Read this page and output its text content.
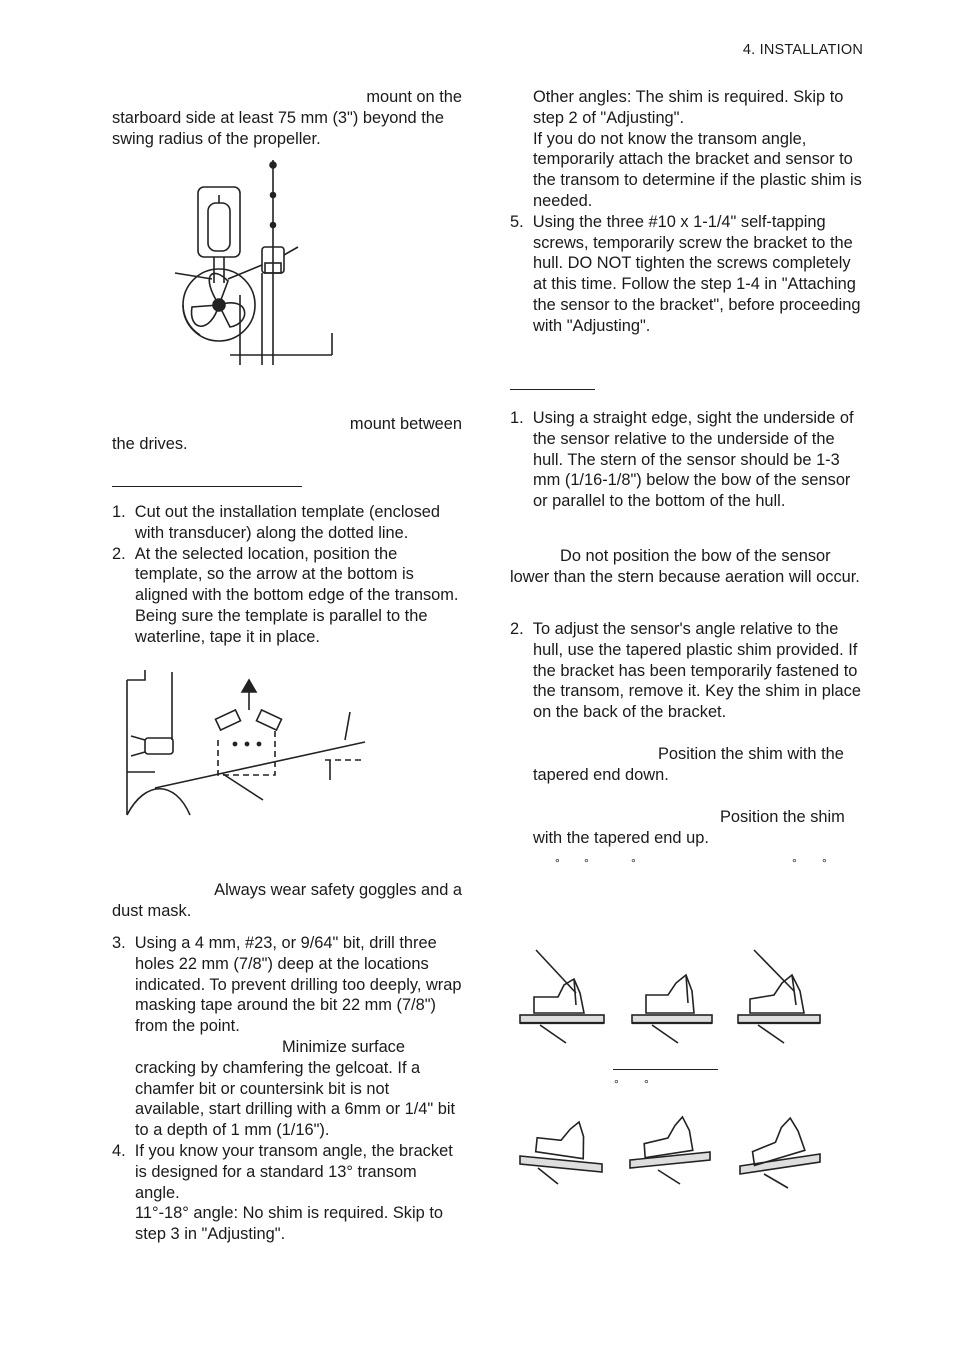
4. INSTALLATION
mount on the
starboard side at least 75 mm (3") beyond the swing radius of the propeller.
mount between
the drives.

1. Cut out the installation template (enclosed with transducer) along the dotted line.

2. At the selected location, position the template, so the arrow at the bottom is aligned with the bottom edge of the transom. Being sure the template is parallel to the waterline, tape it in place.

Always wear safety goggles and a
dust mask.

3. Using a 4 mm, #23, or 9/64" bit, drill three holes 22 mm (7/8") deep at the locations indicated. To prevent drilling too deeply, wrap masking tape around the bit 22 mm (7/8") from the point.

Minimize surface

cracking by chamfering the gelcoat. If a chamfer bit or countersink bit is not available, start drilling with a 6mm or 1/4" bit to a depth of 1 mm (1/16").

4. If you know your transom angle, the bracket is designed for a standard 13° transom angle.

11°-18° angle: No shim is required. Skip to step 3 in "Adjusting".

Other angles: The shim is required. Skip to step 2 of "Adjusting".

If you do not know the transom angle, temporarily attach the bracket and sensor to the transom to determine if the plastic shim is needed.

5. Using the three #10 x 1-1/4" self-tapping screws, temporarily screw the bracket to the hull. DO NOT tighten the screws completely at this time. Follow the step 1-4 in "Attaching the sensor to the bracket", before proceeding with "Adjusting".

1. Using a straight edge, sight the underside of the sensor relative to the underside of the hull. The stern of the sensor should be 1-3 mm (1/16-1/8") below the bow of the sensor or parallel to the bottom of the hull.

Do not position the bow of the sensor
lower than the stern because aeration will occur.

2. To adjust the sensor's angle relative to the hull, use the tapered plastic shim provided. If the bracket has been temporarily fastened to the transom, remove it. Key the shim in place on the back of the bracket.

Position the shim with the
tapered end down.
Position the shim
with the tapered end up.
° °	°	° °
° °
